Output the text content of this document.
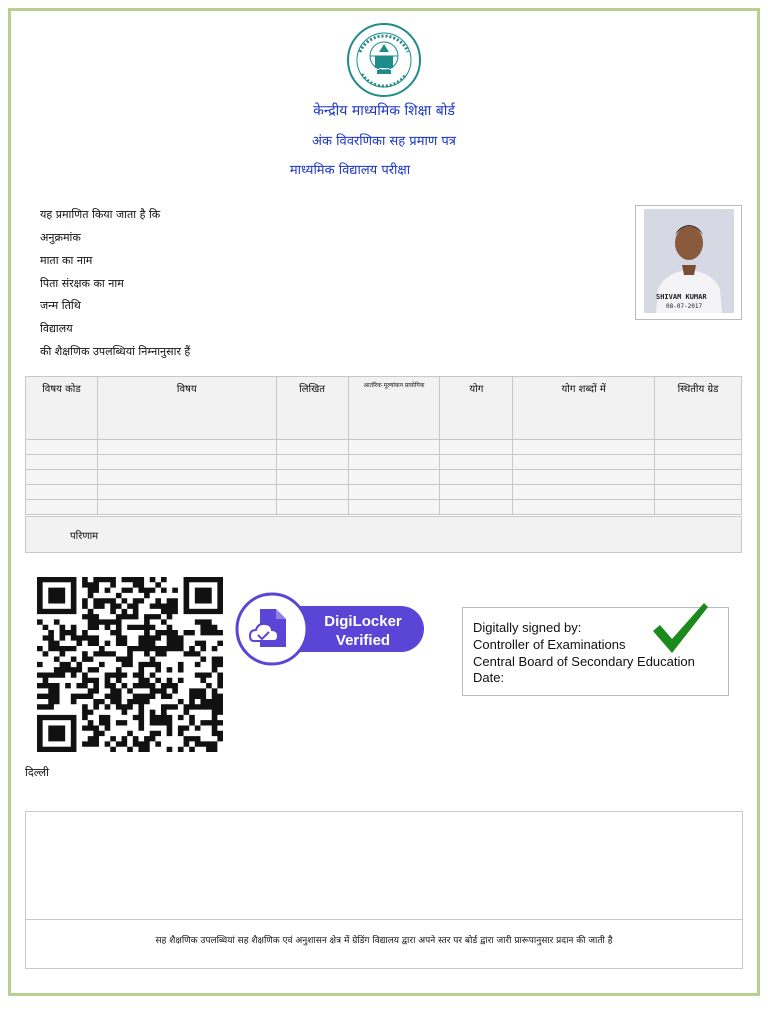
केन्द्रीय माध्यमिक शिक्षा बोर्ड
अंक विवरणिका सह प्रमाण पत्र
माध्यमिक विद्यालय परीक्षा
यह प्रमाणित किया जाता है कि
अनुक्रमांक
माता का नाम
पिता संरक्षक का नाम
जन्म तिथि
विद्यालय
की शैक्षणिक उपलब्धियां निम्नानुसार हैं
SHIVAM KUMAR
08-07-2017
विषय कोड	विषय	लिखित	आतंरिक मूल्यांकन प्रायोगिक	योग	योग शब्दों में	स्थितीय ग्रेड

परिणाम
DigiLocker
Verified
Digitally signed by:
Controller of Examinations
Central Board of Secondary Education
Date:
दिल्ली
सह शैक्षणिक उपलब्धियां सह शैक्षणिक एवं अनुशासन क्षेत्र में ग्रेडिंग विद्यालय द्वारा अपने स्तर पर बोर्ड द्वारा जारी प्रारूपानुसार प्रदान की जाती है
